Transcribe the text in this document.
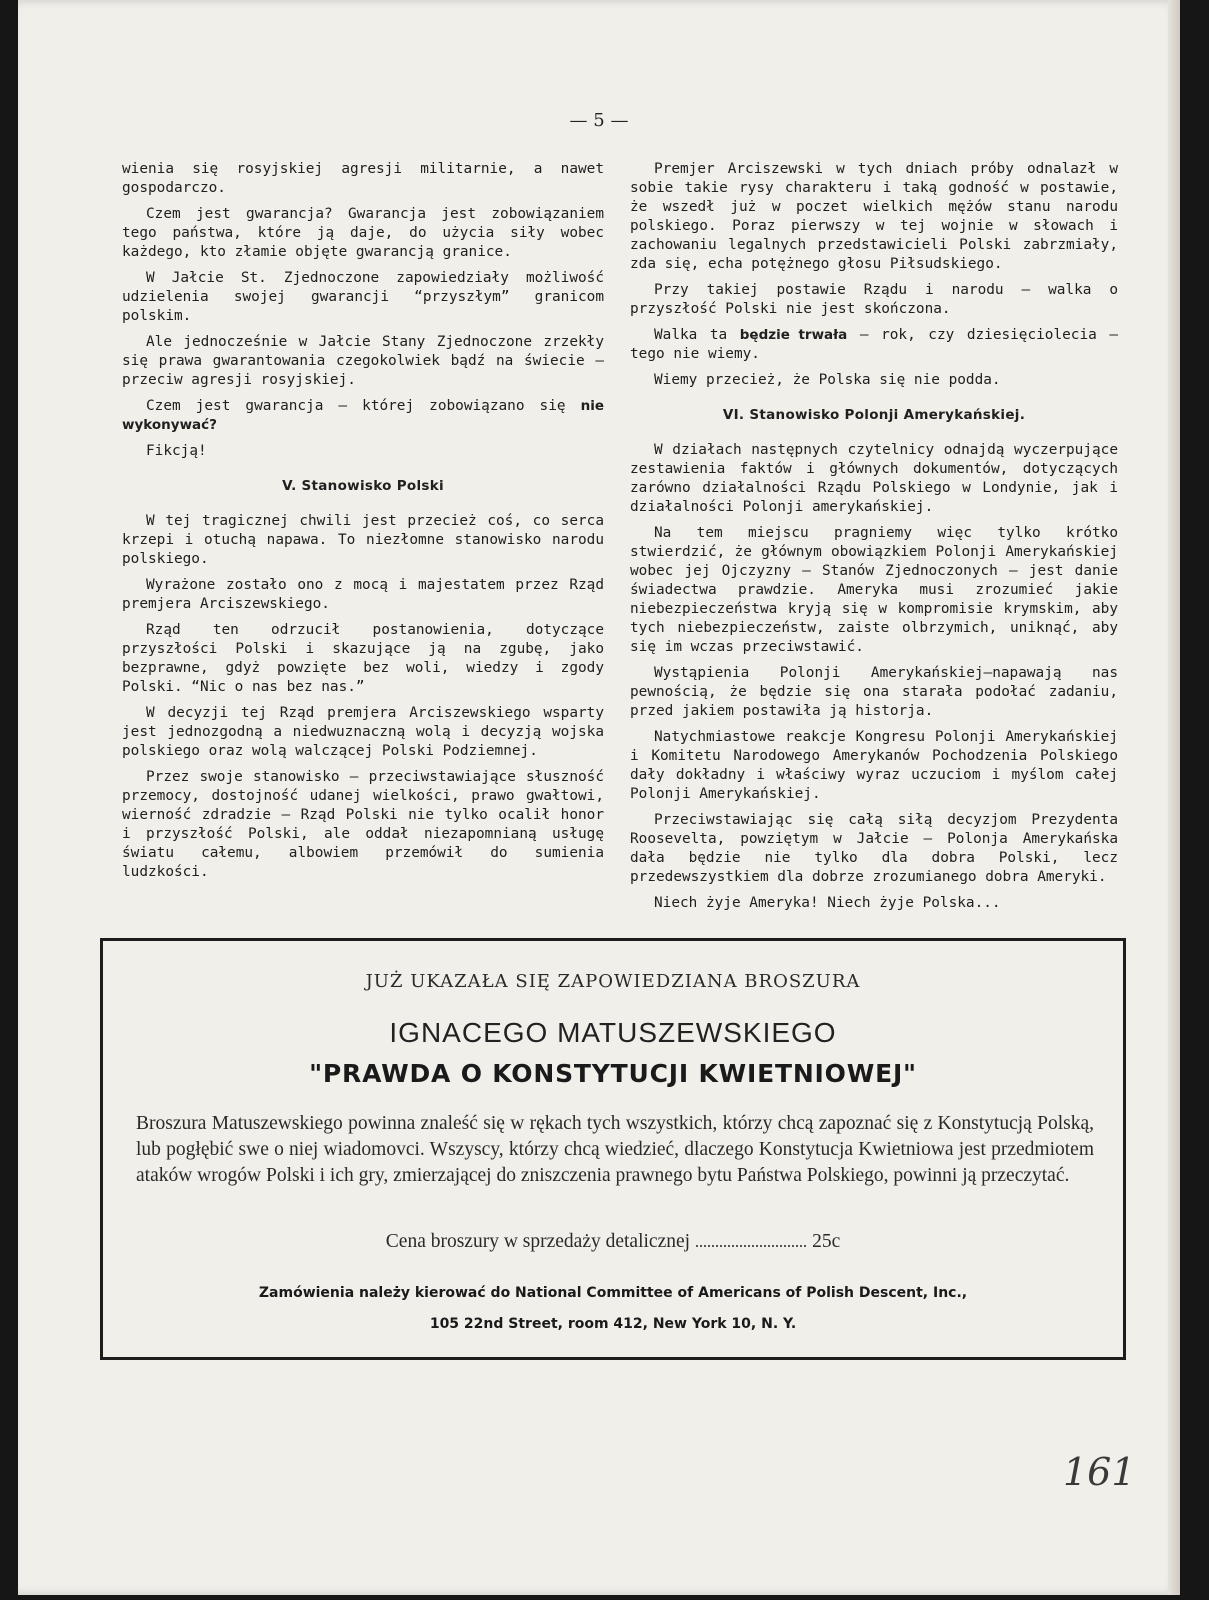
— 5 —

wienia się rosyjskiej agresji militarnie, a nawet gospodarczo.

Czem jest gwarancja? Gwarancja jest zobowiązaniem tego państwa, które ją daje, do użycia siły wobec każdego, kto złamie objęte gwarancją granice.

W Jałcie St. Zjednoczone zapowiedziały możliwość udzielenia swojej gwarancji “przyszłym” granicom polskim.

Ale jednocześnie w Jałcie Stany Zjednoczone zrzekły się prawa gwarantowania czegokolwiek bądź na świecie — przeciw agresji rosyjskiej.

Czem jest gwarancja — której zobowiązano się nie wykonywać?

Fikcją!

V. Stanowisko Polski

W tej tragicznej chwili jest przecież coś, co serca krzepi i otuchą napawa. To niezłomne stanowisko narodu polskiego.

Wyrażone zostało ono z mocą i majestatem przez Rząd premjera Arciszewskiego.

Rząd ten odrzucił postanowienia, dotyczące przyszłości Polski i skazujące ją na zgubę, jako bezprawne, gdyż powzięte bez woli, wiedzy i zgody Polski. “Nic o nas bez nas.”

W decyzji tej Rząd premjera Arciszewskiego wsparty jest jednozgodną a niedwuznaczną wolą i decyzją wojska polskiego oraz wolą walczącej Polski Podziemnej.

Przez swoje stanowisko — przeciwstawiające słuszność przemocy, dostojność udanej wielkości, prawo gwałtowi, wierność zdradzie — Rząd Polski nie tylko ocalił honor i przyszłość Polski, ale oddał niezapomnianą usługę światu całemu, albowiem przemówił do sumienia ludzkości.

Premjer Arciszewski w tych dniach próby odnalazł w sobie takie rysy charakteru i taką godność w postawie, że wszedł już w poczet wielkich mężów stanu narodu polskiego. Poraz pierwszy w tej wojnie w słowach i zachowaniu legalnych przedstawicieli Polski zabrzmiały, zda się, echa potężnego głosu Piłsudskiego.

Przy takiej postawie Rządu i narodu — walka o przyszłość Polski nie jest skończona.

Walka ta będzie trwała — rok, czy dziesięciolecia — tego nie wiemy.

Wiemy przecież, że Polska się nie podda.

VI. Stanowisko Polonji Amerykańskiej.

W działach następnych czytelnicy odnajdą wyczerpujące zestawienia faktów i głównych dokumentów, dotyczących zarówno działalności Rządu Polskiego w Londynie, jak i działalności Polonji amerykańskiej.

Na tem miejscu pragniemy więc tylko krótko stwierdzić, że głównym obowiązkiem Polonji Amerykańskiej wobec jej Ojczyzny — Stanów Zjednoczonych — jest danie świadectwa prawdzie. Ameryka musi zrozumieć jakie niebezpieczeństwa kryją się w kompromisie krymskim, aby tych niebezpieczeństw, zaiste olbrzymich, uniknąć, aby się im wczas przeciwstawić.

Wystąpienia Polonji Amerykańskiej—napawają nas pewnością, że będzie się ona starała podołać zadaniu, przed jakiem postawiła ją historja.

Natychmiastowe reakcje Kongresu Polonji Amerykańskiej i Komitetu Narodowego Amerykanów Pochodzenia Polskiego dały dokładny i właściwy wyraz uczuciom i myślom całej Polonji Amerykańskiej.

Przeciwstawiając się całą siłą decyzjom Prezydenta Roosevelta, powziętym w Jałcie — Polonja Amerykańska dała będzie nie tylko dla dobra Polski, lecz przedewszystkiem dla dobrze zrozumianego dobra Ameryki.

Niech żyje Ameryka! Niech żyje Polska...

JUŻ UKAZAŁA SIĘ ZAPOWIEDZIANA BROSZURA
IGNACEGO MATUSZEWSKIEGO
"PRAWDA O KONSTYTUCJI KWIETNIOWEJ"
Broszura Matuszewskiego powinna znaleść się w rękach tych wszystkich, którzy chcą zapoznać się z Konstytucją Polską, lub pogłębić swe o niej wiadomovci. Wszyscy, którzy chcą wiedzieć, dlaczego Konstytucja Kwietniowa jest przedmiotem ataków wrogów Polski i ich gry, zmierzającej do zniszczenia prawnego bytu Państwa Polskiego, powinni ją przeczytać.
Cena broszury w sprzedaży detalicznej	25c
Zamówienia należy kierować do National Committee of Americans of Polish Descent, Inc.,
105 22nd Street, room 412, New York 10, N. Y.
161
